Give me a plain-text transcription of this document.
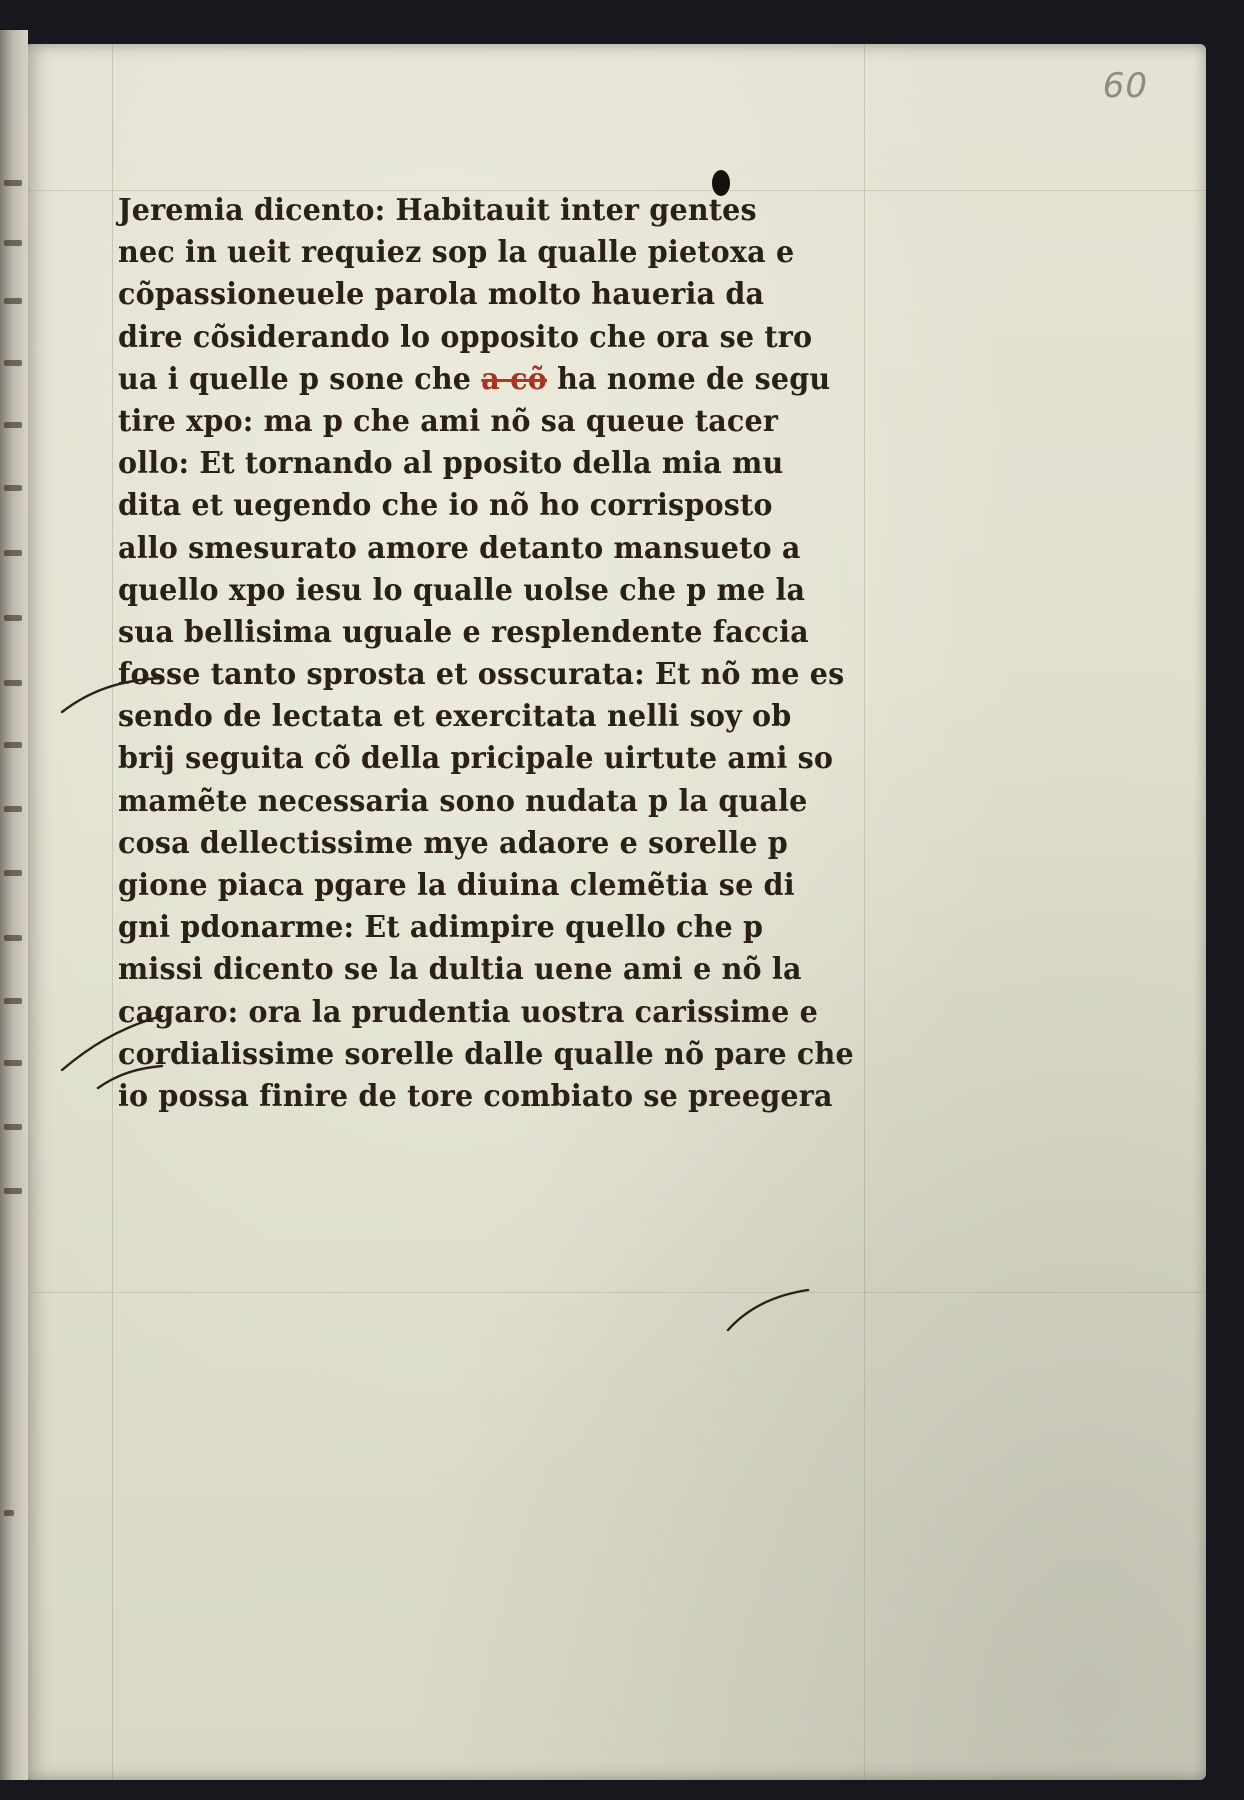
60
Jeremia dicento: Habitauit inter gentes
nec in ueit requiez sop la qualle pietoxa e
cõpassioneuele parola molto haueria da
dire cõsiderando lo opposito che ora se tro
ua i quelle p sone che a cõ ha nome de segu
tire xpo: ma p che ami nõ sa queue tacer
ollo: Et tornando al pposito della mia mu
dita et uegendo che io nõ ho corrisposto
allo smesurato amore detanto mansueto a
quello xpo iesu lo qualle uolse che p me la
sua bellisima uguale e resplendente faccia
fosse tanto sprosta et osscurata: Et nõ me es
sendo de lectata et exercitata nelli soy ob
brij seguita cõ della pricipale uirtute ami so
mamẽte necessaria sono nudata p la quale
cosa dellectissime mye adaore e sorelle p
gione piaca pgare la diuina clemẽtia se di
gni pdonarme: Et adimpire quello che p
missi dicento se la dultia uene ami e nõ la
cagaro: ora la prudentia uostra carissime e
cordialissime sorelle dalle qualle nõ pare che
io possa finire de tore combiato se preegera
